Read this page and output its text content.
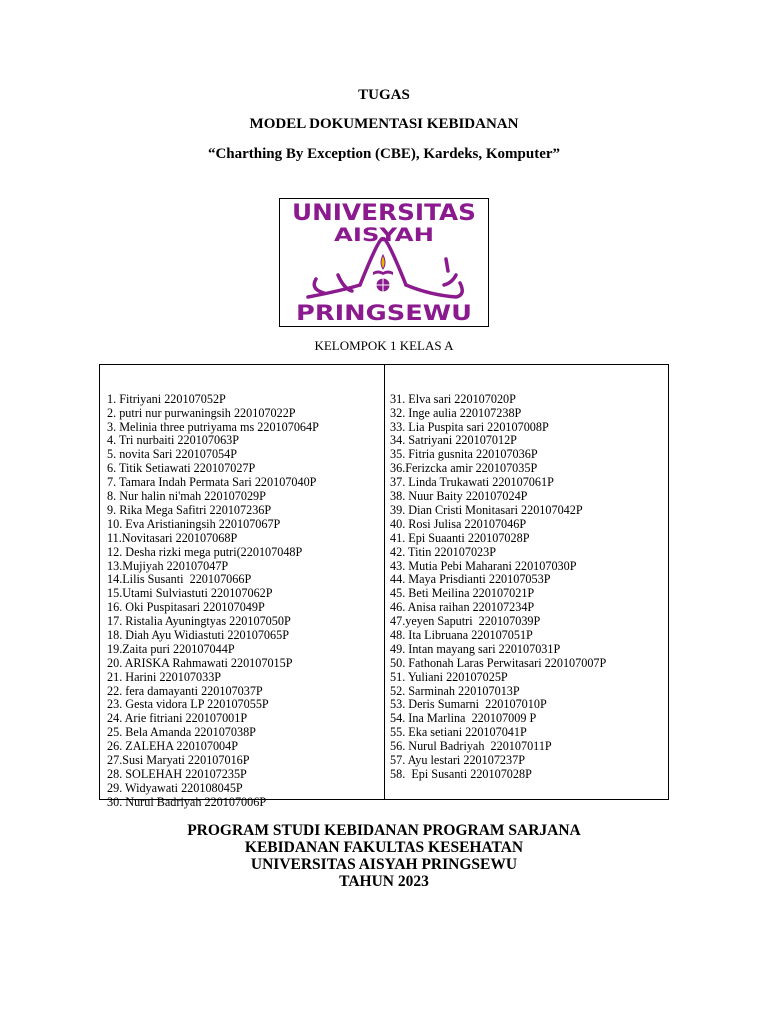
TUGAS
MODEL DOKUMENTASI KEBIDANAN
“Charthing By Exception (CBE), Kardeks, Komputer”
UNIVERSITAS
AISYAH
PRINGSEWU
KELOMPOK 1 KELAS A

1. Fitriyani 220107052P
2. putri nur purwaningsih 220107022P
3. Melinia three putriyama ms 220107064P
4. Tri nurbaiti 220107063P
5. novita Sari 220107054P
6. Titik Setiawati 220107027P
7. Tamara Indah Permata Sari 220107040P
8. Nur halin ni'mah 220107029P
9. Rika Mega Safitri 220107236P
10. Eva Aristianingsih 220107067P
11.Novitasari 220107068P
12. Desha rizki mega putri(220107048P
13.Mujiyah 220107047P
14.Lilis Susanti  220107066P
15.Utami Sulviastuti 220107062P
16. Oki Puspitasari 220107049P
17. Ristalia Ayuningtyas 220107050P
18. Diah Ayu Widiastuti 220107065P
19.Zaita puri 220107044P
20. ARISKA Rahmawati 220107015P
21. Harini 220107033P
22. fera damayanti 220107037P
23. Gesta vidora LP 220107055P
24. Arie fitriani 220107001P
25. Bela Amanda 220107038P
26. ZALEHA 220107004P
27.Susi Maryati 220107016P
28. SOLEHAH 220107235P
29. Widyawati 220108045P
30. Nurul Badriyah 220107006P

31. Elva sari 220107020P
32. Inge aulia 220107238P
33. Lia Puspita sari 220107008P
34. Satriyani 220107012P
35. Fitria gusnita 220107036P
36.Ferizcka amir 220107035P
37. Linda Trukawati 220107061P
38. Nuur Baity 220107024P
39. Dian Cristi Monitasari 220107042P
40. Rosi Julisa 220107046P
41. Epi Suaanti 220107028P
42. Titin 220107023P
43. Mutia Pebi Maharani 220107030P
44. Maya Prisdianti 220107053P
45. Beti Meilina 220107021P
46. Anisa raihan 220107234P
47.yeyen Saputri  220107039P
48. Ita Libruana 220107051P
49. Intan mayang sari 220107031P
50. Fathonah Laras Perwitasari 220107007P
51. Yuliani 220107025P
52. Sarminah 220107013P
53. Deris Sumarni  220107010P
54. Ina Marlina  220107009 P
55. Eka setiani 220107041P
56. Nurul Badriyah  220107011P
57. Ayu lestari 220107237P
58.  Epi Susanti 220107028P

PROGRAM STUDI KEBIDANAN PROGRAM SARJANA
KEBIDANAN FAKULTAS KESEHATAN
UNIVERSITAS AISYAH PRINGSEWU
TAHUN 2023
